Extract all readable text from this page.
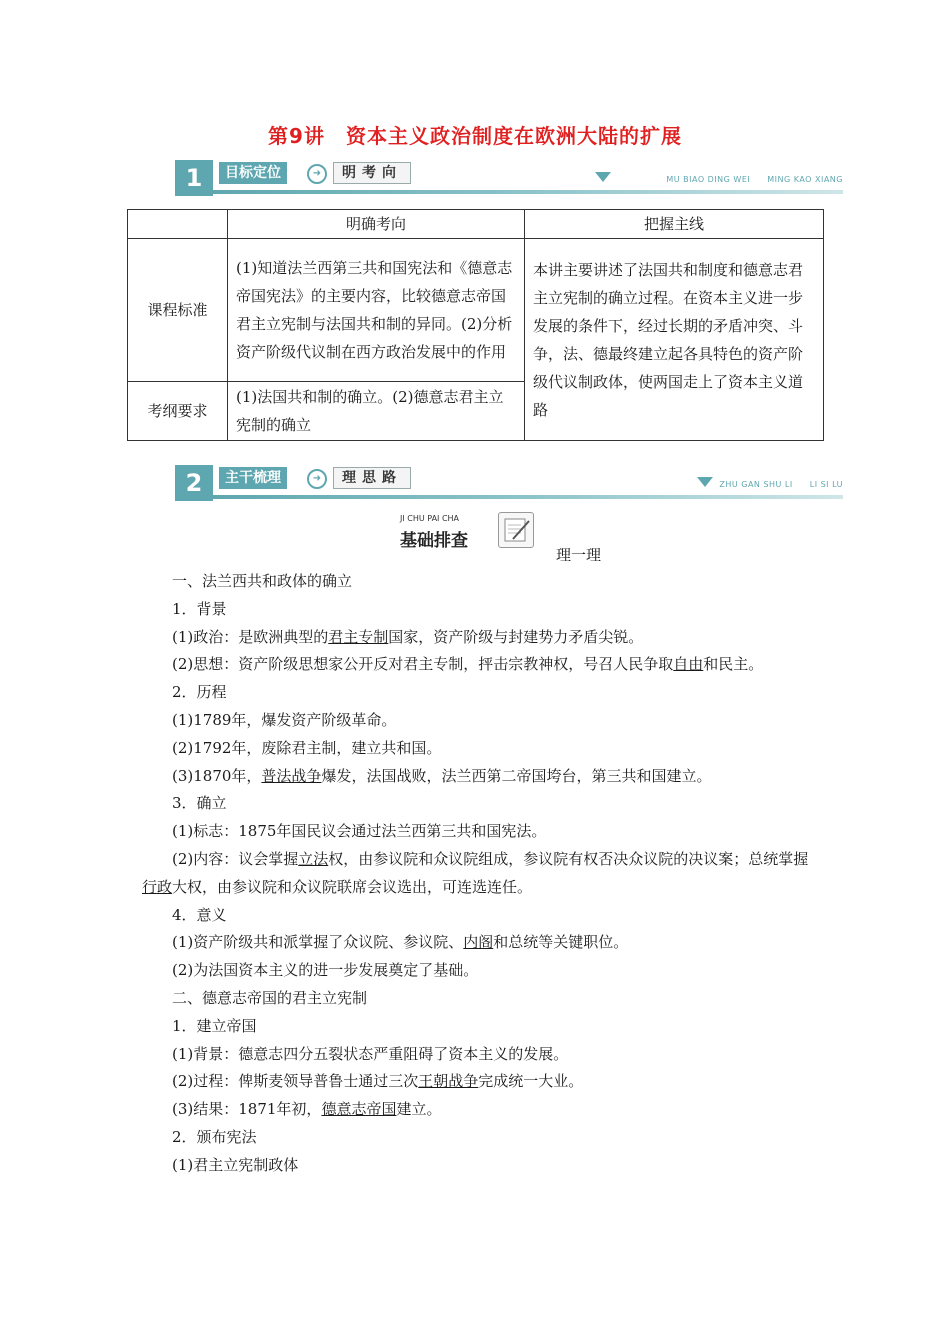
第9讲　资本主义政治制度在欧洲大陆的扩展
1	目标定位	➜	明考向	MU BIAO DING WEI　　MING KAO XIANG
	明确考向	把握主线
课程标准	(1)知道法兰西第三共和国宪法和《德意志帝国宪法》的主要内容，比较德意志帝国君主立宪制与法国共和制的异同。(2)分析资产阶级代议制在西方政治发展中的作用	本讲主要讲述了法国共和制度和德意志君主立宪制的确立过程。在资本主义进一步发展的条件下，经过长期的矛盾冲突、斗争，法、德最终建立起各具特色的资产阶级代议制政体，使两国走上了资本主义道路
考纲要求	(1)法国共和制的确立。(2)德意志君主立宪制的确立	
2	主干梳理	➜	理思路	ZHU GAN SHU LI　　LI SI LU
JI CHU PAI CHA
基础排查
理一理

一、法兰西共和政体的确立

1．背景

(1)政治：是欧洲典型的君主专制国家，资产阶级与封建势力矛盾尖锐。

(2)思想：资产阶级思想家公开反对君主专制，抨击宗教神权，号召人民争取自由和民主。

2．历程

(1)1789年，爆发资产阶级革命。

(2)1792年，废除君主制，建立共和国。

(3)1870年，普法战争爆发，法国战败，法兰西第二帝国垮台，第三共和国建立。

3．确立

(1)标志：1875年国民议会通过法兰西第三共和国宪法。

(2)内容：议会掌握立法权，由参议院和众议院组成，参议院有权否决众议院的决议案；总统掌握行政大权，由参议院和众议院联席会议选出，可连选连任。

4．意义

(1)资产阶级共和派掌握了众议院、参议院、内阁和总统等关键职位。

(2)为法国资本主义的进一步发展奠定了基础。

二、德意志帝国的君主立宪制

1．建立帝国

(1)背景：德意志四分五裂状态严重阻碍了资本主义的发展。

(2)过程：俾斯麦领导普鲁士通过三次王朝战争完成统一大业。

(3)结果：1871年初，德意志帝国建立。

2．颁布宪法

(1)君主立宪制政体
